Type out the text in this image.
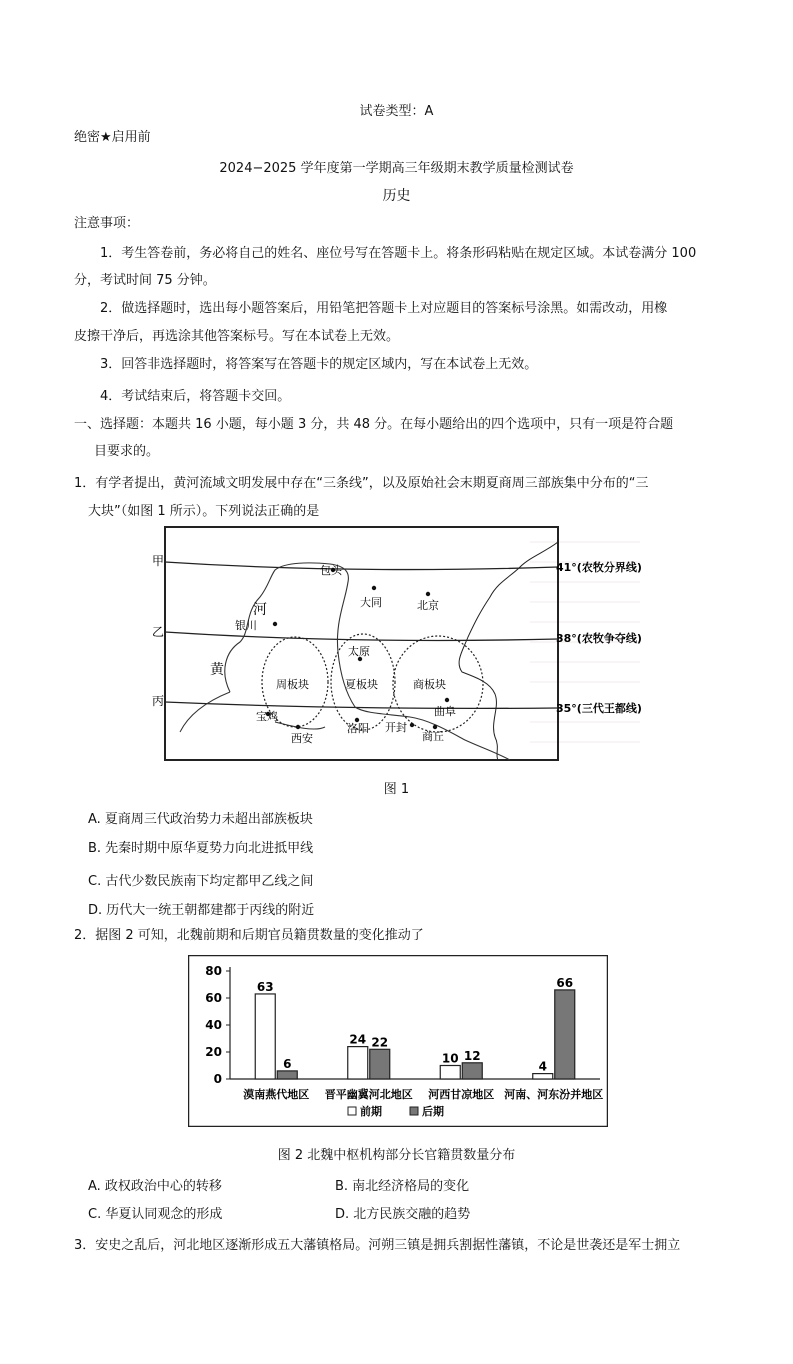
试卷类型：A
绝密★启用前
2024−2025 学年度第一学期高三年级期末教学质量检测试卷
历史
注意事项：
1．考生答卷前，务必将自己的姓名、座位号写在答题卡上。将条形码粘贴在规定区域。本试卷满分 100
分，考试时间 75 分钟。
2．做选择题时，选出每小题答案后，用铅笔把答题卡上对应题目的答案标号涂黑。如需改动，用橡
皮擦干净后，再选涂其他答案标号。写在本试卷上无效。
3．回答非选择题时，将答案写在答题卡的规定区域内，写在本试卷上无效。
4．考试结束后，将答题卡交回。
一、选择题：本题共 16 小题，每小题 3 分，共 48 分。在每小题给出的四个选项中，只有一项是符合题
目要求的。
1．有学者提出，黄河流域文明发展中存在“三条线”，以及原始社会末期夏商周三部族集中分布的“三
大块”（如图 1 所示）。下列说法正确的是
甲
乙
丙
41°(农牧分界线)
38°(农牧争夺线)
35°(三代王都线)
河
黄
包头
大同	北京
银川
太原
周板块	夏板块	商板块
曲阜
宝鸡
西安
洛阳 开封
商丘
图 1
A. 夏商周三代政治势力未超出部族板块
B. 先秦时期中原华夏势力向北进抵甲线
C. 古代少数民族南下均定都甲乙线之间
D. 历代大一统王朝都建都于丙线的附近
2．据图 2 可知，北魏前期和后期官员籍贯数量的变化推动了
0
20
40
60
80
63
6
漠南燕代地区
24 22
晋平幽冀河北地区
10 12
河西甘凉地区
4
66
河南、河东汾并地区
前期	后期
图 2 北魏中枢机构部分长官籍贯数量分布
A. 政权政治中心的转移	B. 南北经济格局的变化
C. 华夏认同观念的形成	D. 北方民族交融的趋势
3．安史之乱后，河北地区逐渐形成五大藩镇格局。河朔三镇是拥兵割据性藩镇，不论是世袭还是军士拥立
